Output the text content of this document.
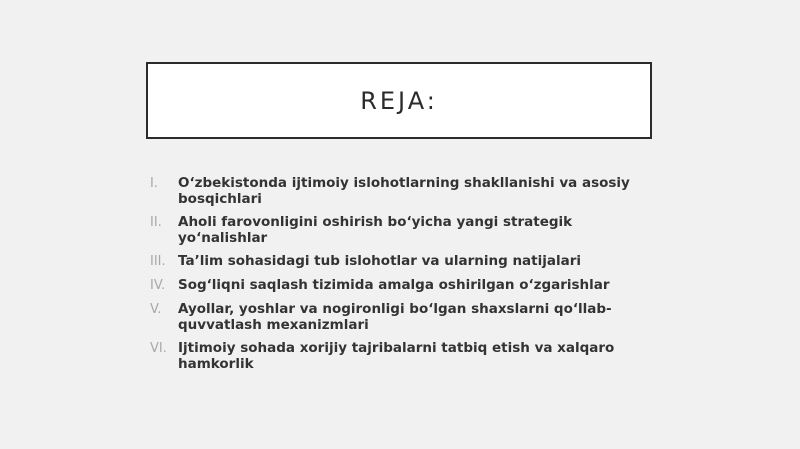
REJA:
I.	O‘zbekistonda ijtimoiy islohotlarning shakllanishi va asosiy bosqichlari
II.	Aholi farovonligini oshirish bo‘yicha yangi strategik yo‘nalishlar
III. Ta’lim sohasidagi tub islohotlar va ularning natijalari
IV. Sog‘liqni saqlash tizimida amalga oshirilgan o‘zgarishlar
V.	Ayollar, yoshlar va nogironligi bo‘lgan shaxslarni qo‘llab-quvvatlash mexanizmlari
VI. Ijtimoiy sohada xorijiy tajribalarni tatbiq etish va xalqaro hamkorlik
